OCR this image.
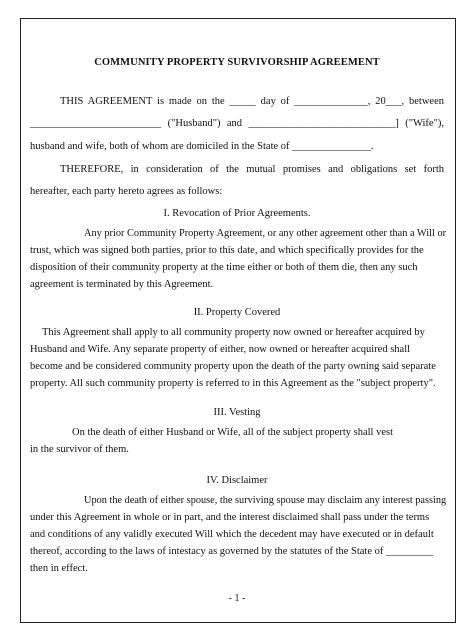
COMMUNITY PROPERTY SURVIVORSHIP AGREEMENT
THIS AGREEMENT is made on the _____ day of ______________, 20___, between
_________________________ ("Husband") and ____________________________] ("Wife"),
husband and wife, both of whom are domiciled in the State of _______________.
THEREFORE, in consideration of the mutual promises and obligations set forth
hereafter, each party hereto agrees as follows:
I. Revocation of Prior Agreements.
Any prior Community Property Agreement, or any other agreement other than a Will or
trust, which was signed both parties, prior to this date, and which specifically provides for the
disposition of their community property at the time either or both of them die, then any such
agreement is terminated by this Agreement.
II. Property Covered
This Agreement shall apply to all community property now owned or hereafter acquired by
Husband and Wife. Any separate property of either, now owned or hereafter acquired shall
become and be considered community property upon the death of the party owning said separate
property. All such community property is referred to in this Agreement as the "subject property".
III. Vesting
On the death of either Husband or Wife, all of the subject property shall vest
in the survivor of them.
IV. Disclaimer
Upon the death of either spouse, the surviving spouse may disclaim any interest passing
under this Agreement in whole or in part, and the interest disclaimed shall pass under the terms
and conditions of any validly executed Will which the decedent may have executed or in default
thereof, according to the laws of intestacy as governed by the statutes of the State of _________
then in effect.
- 1 -
